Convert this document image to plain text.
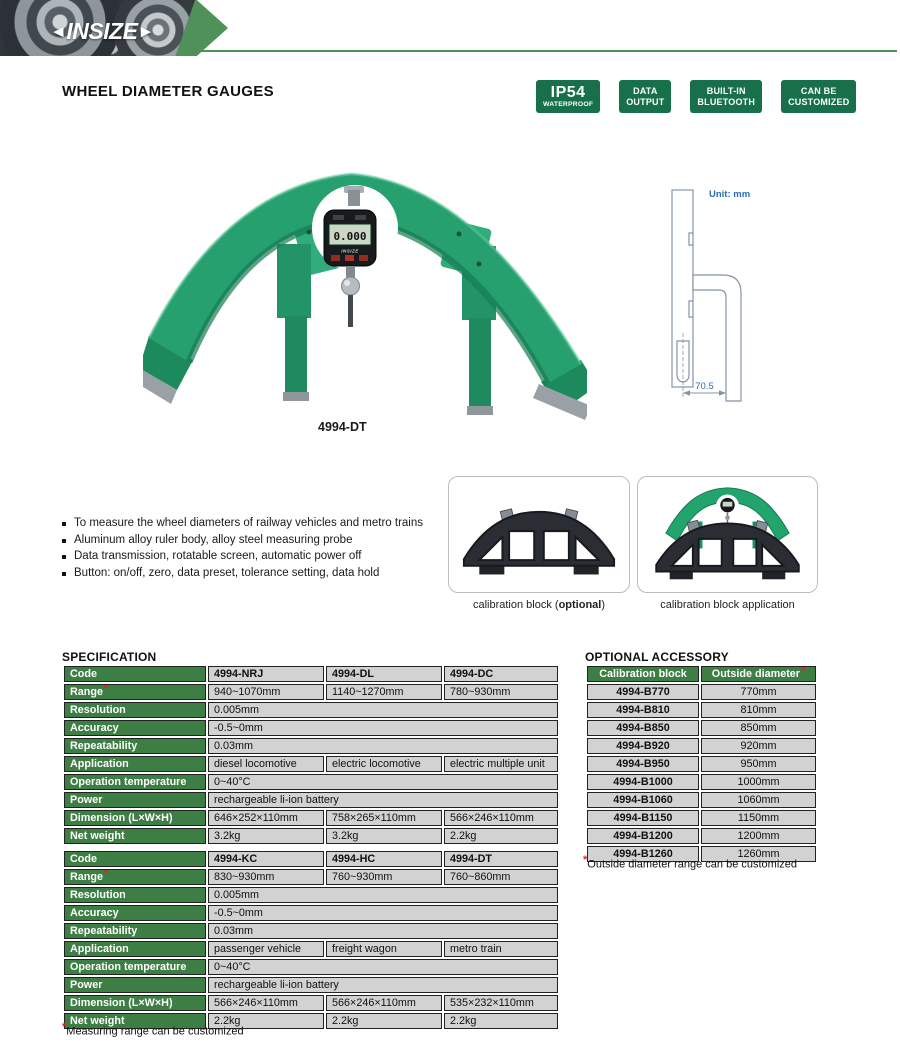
◄INSIZE►
WHEEL DIAMETER GAUGES	IP54
WATERPROOF
DATA
OUTPUT
BUILT-IN
BLUETOOTH
CAN BE
CUSTOMIZED
0.000
INSIZE
4994-DT
Unit: mm
70.5
To measure the wheel diameters of railway vehicles and metro trains
Aluminum alloy ruler body, alloy steel measuring probe
Data transmission, rotatable screen, automatic power off
Button: on/off, zero, data preset, tolerance setting, data hold
calibration block (optional)	calibration block application
SPECIFICATION
Code	4994-NRJ	4994-DL	4994-DC
Range*	940~1070mm	1140~1270mm	780~930mm
Resolution	0.005mm		
Accuracy	-0.5~0mm		
Repeatability	0.03mm		
Application	diesel locomotive	electric locomotive	electric multiple unit
Operation temperature	0~40°C		
Power	rechargeable li-ion battery		
Dimension (L×W×H)	646×252×110mm	758×265×110mm	566×246×110mm
Net weight	3.2kg	3.2kg	2.2kg
Code	4994-KC	4994-HC	4994-DT
Range*	830~930mm	760~930mm	760~860mm
Resolution	0.005mm		
Accuracy	-0.5~0mm		
Repeatability	0.03mm		
Application	passenger vehicle	freight wagon	metro train
Operation temperature	0~40°C		
Power	rechargeable li-ion battery		
Dimension (L×W×H)	566×246×110mm	566×246×110mm	535×232×110mm
Net weight	2.2kg	2.2kg	2.2kg
*Measuring range can be customized
OPTIONAL ACCESSORY
Calibration block	Outside diameter*
4994-B770	770mm
4994-B810	810mm
4994-B850	850mm
4994-B920	920mm
4994-B950	950mm
4994-B1000	1000mm
4994-B1060	1060mm
4994-B1150	1150mm
4994-B1200	1200mm
4994-B1260	1260mm
*Outside diameter range can be customized
